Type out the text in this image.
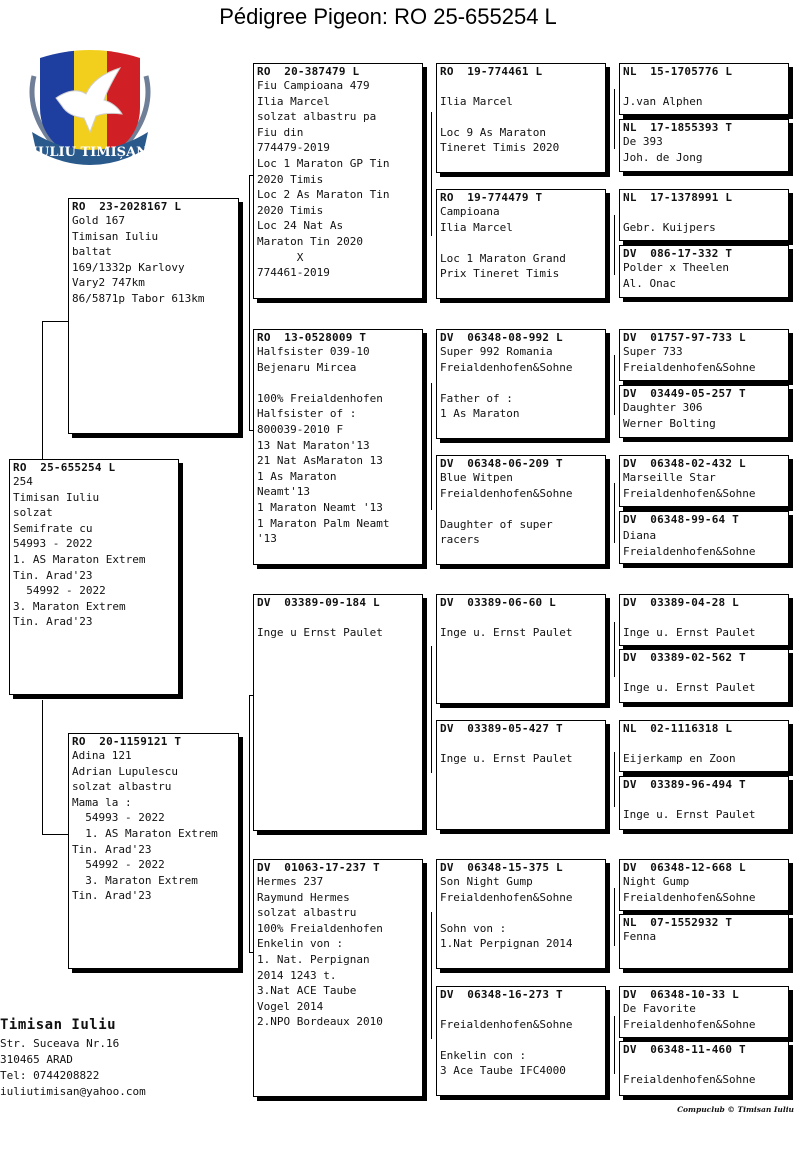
Pédigree Pigeon: RO 25-655254 L
IULIU TIMIȘAN
RO  25-655254 L
254
Timisan Iuliu
solzat
Semifrate cu
54993 - 2022
1. AS Maraton Extrem
Tin. Arad'23
54992 - 2022
3. Maraton Extrem
Tin. Arad'23
RO  23-2028167 L
Gold 167
Timisan Iuliu
baltat
169/1332p Karlovy
Vary2 747km
86/5871p Tabor 613km
RO  20-1159121 T
Adina 121
Adrian Lupulescu
solzat albastru
Mama la :
54993 - 2022
1. AS Maraton Extrem
Tin. Arad'23
54992 - 2022
3. Maraton Extrem
Tin. Arad'23
RO  20-387479 L
Fiu Campioana 479
Ilia Marcel
solzat albastru pa
Fiu din
774479-2019
Loc 1 Maraton GP Tin
2020 Timis
Loc 2 As Maraton Tin
2020 Timis
Loc 24 Nat As
Maraton Tin 2020
X
774461-2019
RO  13-0528009 T
Halfsister 039-10
Bejenaru Mircea
100% Freialdenhofen
Halfsister of :
800039-2010 F
13 Nat Maraton'13
21 Nat AsMaraton 13
1 As Maraton
Neamt'13
1 Maraton Neamt '13
1 Maraton Palm Neamt
'13
DV  03389-09-184 L
Inge u Ernst Paulet
DV  01063-17-237 T
Hermes 237
Raymund Hermes
solzat albastru
100% Freialdenhofen
Enkelin von :
1. Nat. Perpignan
2014 1243 t.
3.Nat ACE Taube
Vogel 2014
2.NPO Bordeaux 2010
RO  19-774461 L
Ilia Marcel
Loc 9 As Maraton
Tineret Timis 2020
RO  19-774479 T
Campioana
Ilia Marcel
Loc 1 Maraton Grand
Prix Tineret Timis
DV  06348-08-992 L
Super 992 Romania
Freialdenhofen&Sohne
Father of :
1 As Maraton
DV  06348-06-209 T
Blue Witpen
Freialdenhofen&Sohne
Daughter of super
racers
DV  03389-06-60 L
Inge u. Ernst Paulet
DV  03389-05-427 T
Inge u. Ernst Paulet
DV  06348-15-375 L
Son Night Gump
Freialdenhofen&Sohne
Sohn von :
1.Nat Perpignan 2014
DV  06348-16-273 T
Freialdenhofen&Sohne
Enkelin con :
3 Ace Taube IFC4000
NL  15-1705776 L
J.van Alphen
NL  17-1855393 T
De 393
Joh. de Jong
NL  17-1378991 L
Gebr. Kuijpers
DV  086-17-332 T
Polder x Theelen
Al. Onac
DV  01757-97-733 L
Super 733
Freialdenhofen&Sohne
DV  03449-05-257 T
Daughter 306
Werner Bolting
DV  06348-02-432 L
Marseille Star
Freialdenhofen&Sohne
DV  06348-99-64 T
Diana
Freialdenhofen&Sohne
DV  03389-04-28 L
Inge u. Ernst Paulet
DV  03389-02-562 T
Inge u. Ernst Paulet
NL  02-1116318 L
Eijerkamp en Zoon
DV  03389-96-494 T
Inge u. Ernst Paulet
DV  06348-12-668 L
Night Gump
Freialdenhofen&Sohne
NL  07-1552932 T
Fenna
DV  06348-10-33 L
De Favorite
Freialdenhofen&Sohne
DV  06348-11-460 T
Freialdenhofen&Sohne
Timisan Iuliu
Str. Suceava Nr.16
310465 ARAD
Tel: 0744208822
iuliutimisan@yahoo.com
Compuclub © Timisan Iuliu
